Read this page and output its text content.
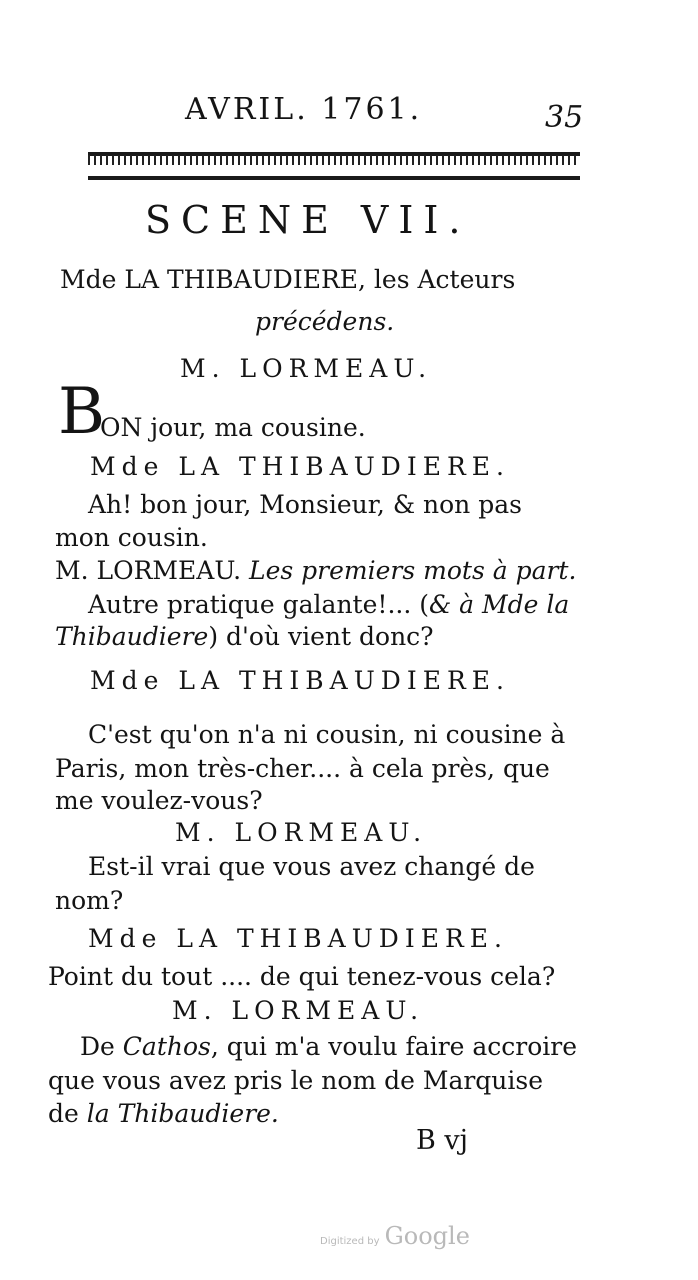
AVRIL. 1761.	35
SCENE VII.
Mde LA THIBAUDIERE, les Acteurs
précédens.
M. LORMEAU.
B
ON jour, ma cousine.
Mde LA THIBAUDIERE.
Ah! bon jour, Monsieur, & non pas
mon cousin.
M. LORMEAU. Les premiers mots à part.
Autre pratique galante!... (& à Mde la
Thibaudiere) d'où vient donc?
Mde LA THIBAUDIERE.
C'est qu'on n'a ni cousin, ni cousine à
Paris, mon très-cher.... à cela près, que
me voulez-vous?
M. LORMEAU.
Est-il vrai que vous avez changé de
nom?
Mde LA THIBAUDIERE.
Point du tout .... de qui tenez-vous cela?
M. LORMEAU.
De Cathos, qui m'a voulu faire accroire
que vous avez pris le nom de Marquise
de la Thibaudiere.
B vj
Digitized by Google
